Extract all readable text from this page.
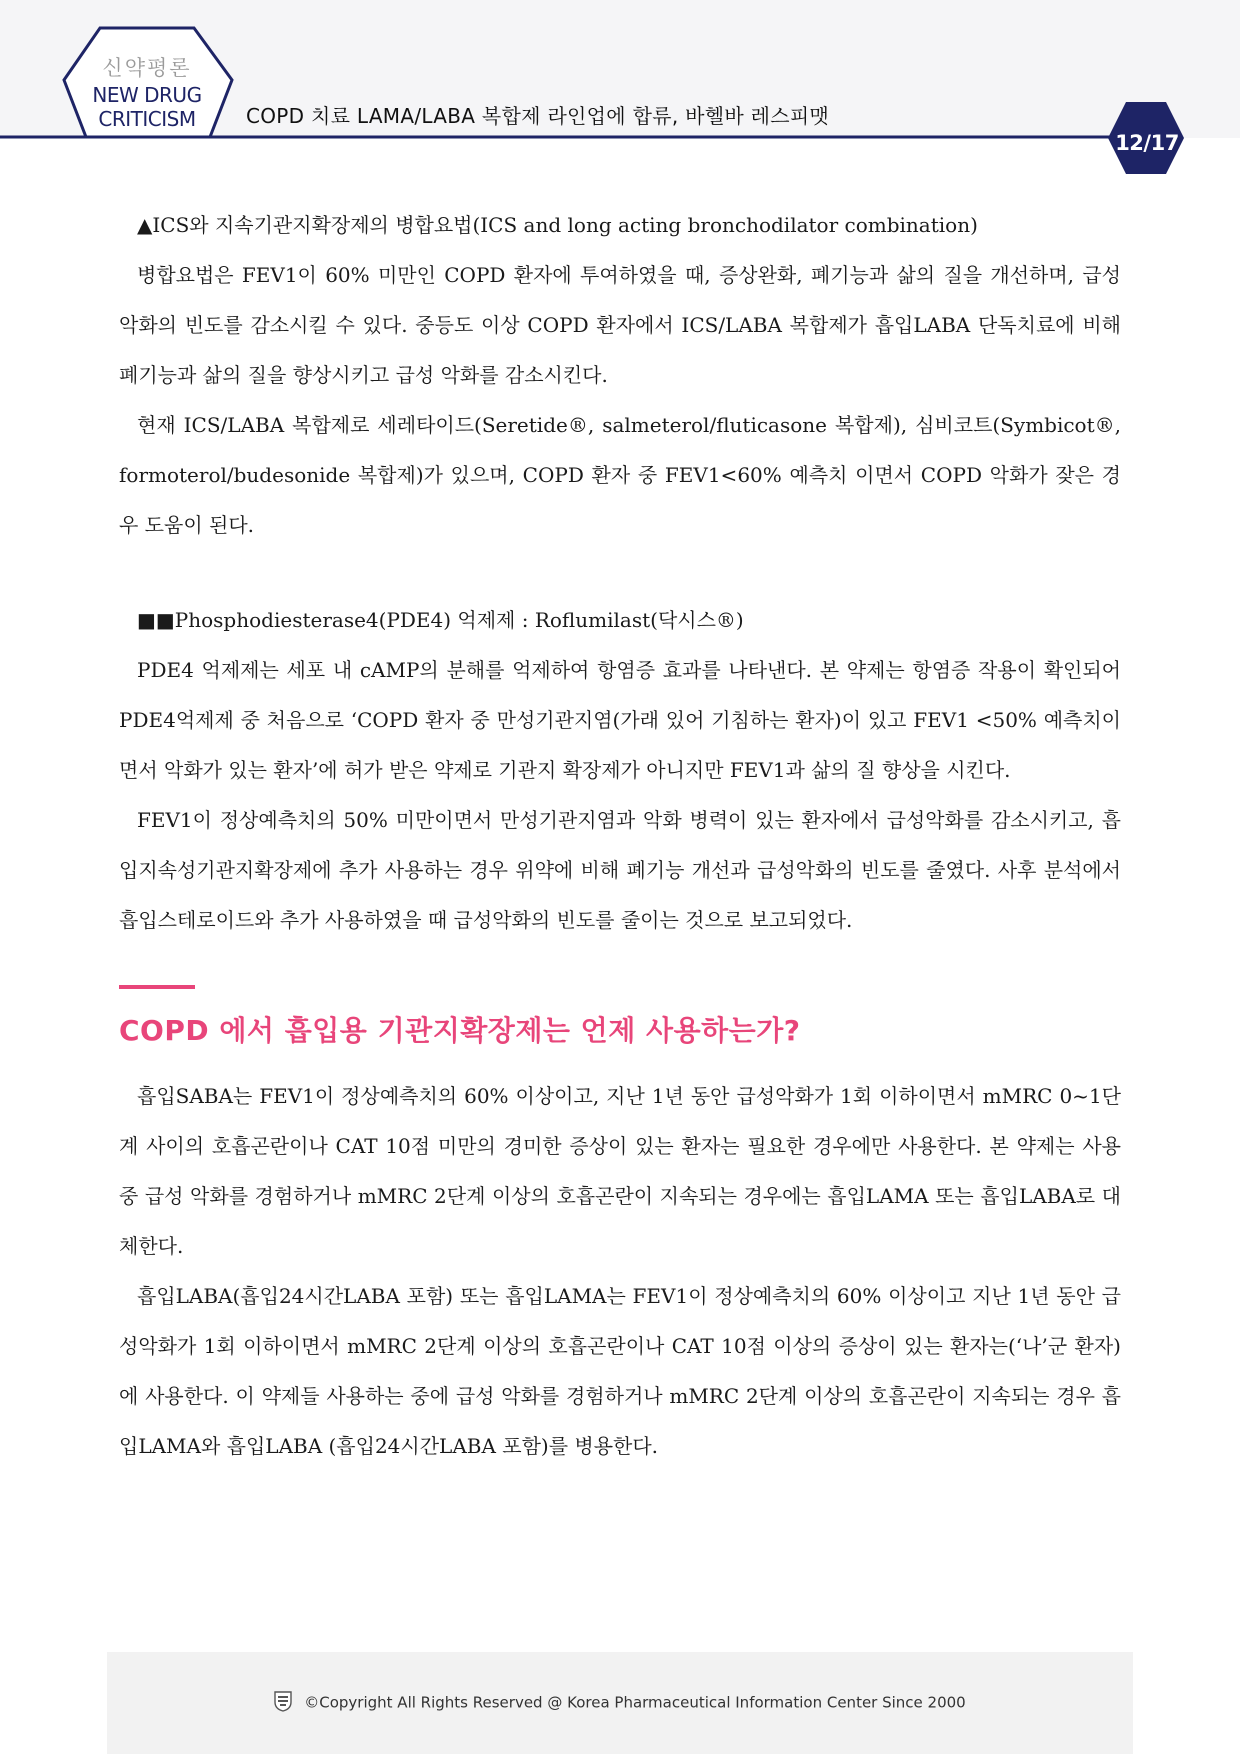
신약평론
NEW DRUG
CRITICISM	COPD 치료 LAMA/LABA 복합제 라인업에 합류, 바헬바 레스피맷
12/17

▲ICS와 지속기관지확장제의 병합요법(ICS and long acting bronchodilator combination)

병합요법은 FEV1이 60% 미만인 COPD 환자에 투여하였을 때, 증상완화, 폐기능과 삶의 질을 개선하며, 급성 악화의 빈도를 감소시킬 수 있다. 중등도 이상 COPD 환자에서 ICS/LABA 복합제가 흡입LABA 단독치료에 비해 폐기능과 삶의 질을 향상시키고 급성 악화를 감소시킨다.

현재 ICS/LABA 복합제로 세레타이드(Seretide®, salmeterol/fluticasone 복합제), 심비코트(Symbicot®, formoterol/budesonide 복합제)가 있으며, COPD 환자 중 FEV1<60% 예측치 이면서 COPD 악화가 잦은 경우 도움이 된다.

■■Phosphodiesterase4(PDE4) 억제제 : Roflumilast(닥시스®)

PDE4 억제제는 세포 내 cAMP의 분해를 억제하여 항염증 효과를 나타낸다. 본 약제는 항염증 작용이 확인되어 PDE4억제제 중 처음으로 ‘COPD 환자 중 만성기관지염(가래 있어 기침하는 환자)이 있고 FEV1 <50% 예측치이면서 악화가 있는 환자’에 허가 받은 약제로 기관지 확장제가 아니지만 FEV1과 삶의 질 향상을 시킨다.

FEV1이 정상예측치의 50% 미만이면서 만성기관지염과 악화 병력이 있는 환자에서 급성악화를 감소시키고, 흡입지속성기관지확장제에 추가 사용하는 경우 위약에 비해 폐기능 개선과 급성악화의 빈도를 줄였다. 사후 분석에서 흡입스테로이드와 추가 사용하였을 때 급성악화의 빈도를 줄이는 것으로 보고되었다.

COPD 에서 흡입용 기관지확장제는 언제 사용하는가?

흡입SABA는 FEV1이 정상예측치의 60% 이상이고, 지난 1년 동안 급성악화가 1회 이하이면서 mMRC 0~1단계 사이의 호흡곤란이나 CAT 10점 미만의 경미한 증상이 있는 환자는 필요한 경우에만 사용한다. 본 약제는 사용 중 급성 악화를 경험하거나 mMRC 2단계 이상의 호흡곤란이 지속되는 경우에는 흡입LAMA 또는 흡입LABA로 대체한다.

흡입LABA(흡입24시간LABA 포함) 또는 흡입LAMA는 FEV1이 정상예측치의 60% 이상이고 지난 1년 동안 급성악화가 1회 이하이면서 mMRC 2단계 이상의 호흡곤란이나 CAT 10점 이상의 증상이 있는 환자는(‘나’군 환자)에 사용한다. 이 약제들 사용하는 중에 급성 악화를 경험하거나 mMRC 2단계 이상의 호흡곤란이 지속되는 경우 흡입LAMA와 흡입LABA (흡입24시간LABA 포함)를 병용한다.

©Copyright All Rights Reserved @ Korea Pharmaceutical Information Center Since 2000
